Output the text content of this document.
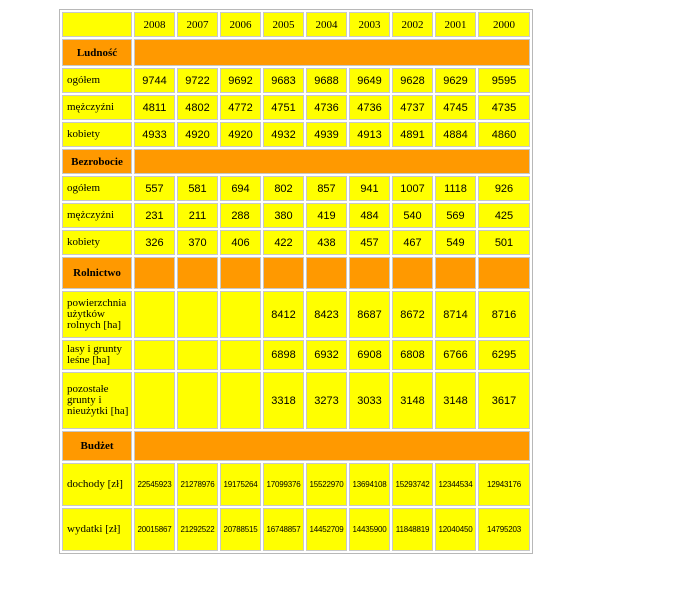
	2008	2007	2006	2005	2004	2003	2002	2001	2000
Ludność									
ogółem	9744	9722	9692	9683	9688	9649	9628	9629	9595
mężczyźni	4811	4802	4772	4751	4736	4736	4737	4745	4735
kobiety	4933	4920	4920	4932	4939	4913	4891	4884	4860
Bezrobocie									
ogółem	557	581	694	802	857	941	1007	1118	926
mężczyźni	231	211	288	380	419	484	540	569	425
kobiety	326	370	406	422	438	457	467	549	501
Rolnictwo									
powierzchnia użytków rolnych [ha]				8412	8423	8687	8672	8714	8716
lasy i grunty leśne [ha]				6898	6932	6908	6808	6766	6295
pozostałe grunty i nieużytki [ha]				3318	3273	3033	3148	3148	3617
Budżet									
dochody [zł]	22545923	21278976	19175264	17099376	15522970	13694108	15293742	12344534	12943176
wydatki [zł]	20015867	21292522	20788515	16748857	14452709	14435900	11848819	12040450	14795203
